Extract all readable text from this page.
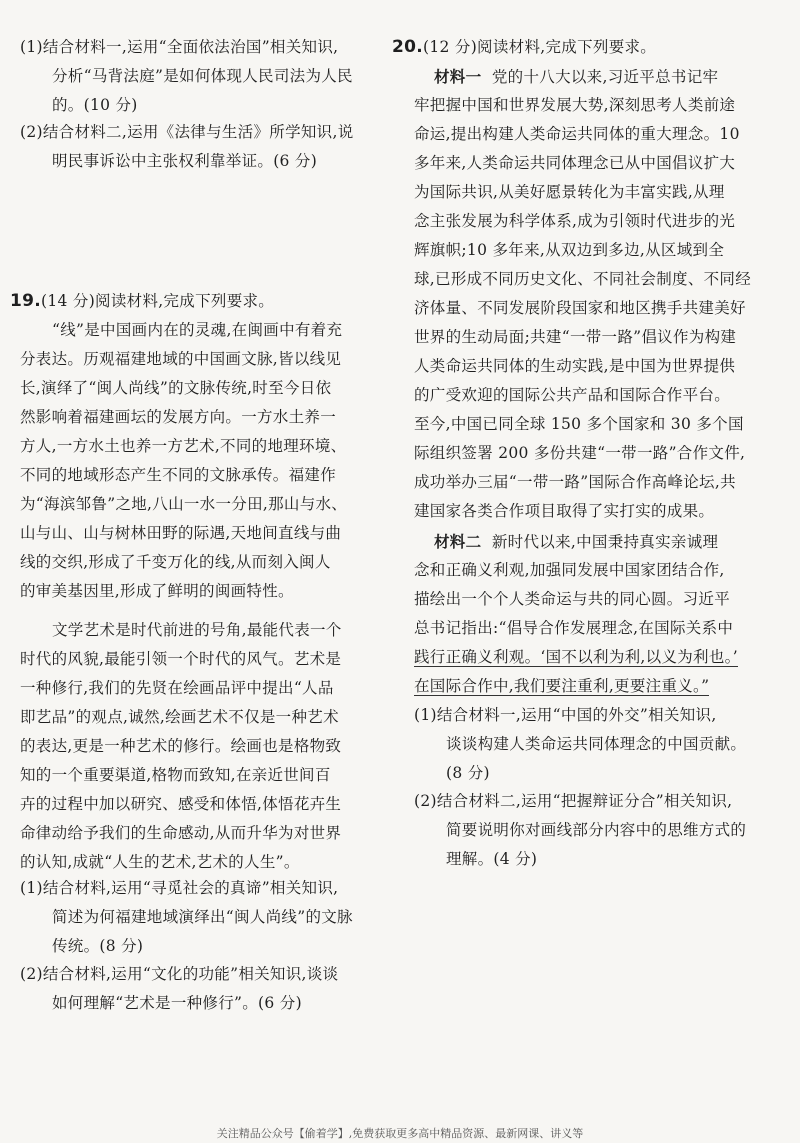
(1)结合材料一,运用“全面依法治国”相关知识,
分析“马背法庭”是如何体现人民司法为人民
的。(10 分)
(2)结合材料二,运用《法律与生活》所学知识,说
明民事诉讼中主张权利靠举证。(6 分)
19.(14 分)阅读材料,完成下列要求。
“线”是中国画内在的灵魂,在闽画中有着充
分表达。历观福建地域的中国画文脉,皆以线见
长,演绎了“闽人尚线”的文脉传统,时至今日依
然影响着福建画坛的发展方向。一方水土养一
方人,一方水土也养一方艺术,不同的地理环境、
不同的地域形态产生不同的文脉承传。福建作
为“海滨邹鲁”之地,八山一水一分田,那山与水、
山与山、山与树林田野的际遇,天地间直线与曲
线的交织,形成了千变万化的线,从而刻入闽人
的审美基因里,形成了鲜明的闽画特性。
文学艺术是时代前进的号角,最能代表一个
时代的风貌,最能引领一个时代的风气。艺术是
一种修行,我们的先贤在绘画品评中提出“人品
即艺品”的观点,诚然,绘画艺术不仅是一种艺术
的表达,更是一种艺术的修行。绘画也是格物致
知的一个重要渠道,格物而致知,在亲近世间百
卉的过程中加以研究、感受和体悟,体悟花卉生
命律动给予我们的生命感动,从而升华为对世界
的认知,成就“人生的艺术,艺术的人生”。
(1)结合材料,运用“寻觅社会的真谛”相关知识,
简述为何福建地域演绎出“闽人尚线”的文脉
传统。(8 分)
(2)结合材料,运用“文化的功能”相关知识,谈谈
如何理解“艺术是一种修行”。(6 分)
20.(12 分)阅读材料,完成下列要求。
材料一 党的十八大以来,习近平总书记牢
牢把握中国和世界发展大势,深刻思考人类前途
命运,提出构建人类命运共同体的重大理念。10
多年来,人类命运共同体理念已从中国倡议扩大
为国际共识,从美好愿景转化为丰富实践,从理
念主张发展为科学体系,成为引领时代进步的光
辉旗帜;10 多年来,从双边到多边,从区域到全
球,已形成不同历史文化、不同社会制度、不同经
济体量、不同发展阶段国家和地区携手共建美好
世界的生动局面;共建“一带一路”倡议作为构建
人类命运共同体的生动实践,是中国为世界提供
的广受欢迎的国际公共产品和国际合作平台。
至今,中国已同全球 150 多个国家和 30 多个国
际组织签署 200 多份共建“一带一路”合作文件,
成功举办三届“一带一路”国际合作高峰论坛,共
建国家各类合作项目取得了实打实的成果。
材料二 新时代以来,中国秉持真实亲诚理
念和正确义利观,加强同发展中国家团结合作,
描绘出一个个人类命运与共的同心圆。习近平
总书记指出:“倡导合作发展理念,在国际关系中
践行正确义利观。‘国不以利为利,以义为利也。’
在国际合作中,我们要注重利,更要注重义。”
(1)结合材料一,运用“中国的外交”相关知识,
谈谈构建人类命运共同体理念的中国贡献。
(8 分)
(2)结合材料二,运用“把握辩证分合”相关知识,
简要说明你对画线部分内容中的思维方式的
理解。(4 分)
关注精品公众号【偷着学】,免费获取更多高中精品资源、最新网课、讲义等
